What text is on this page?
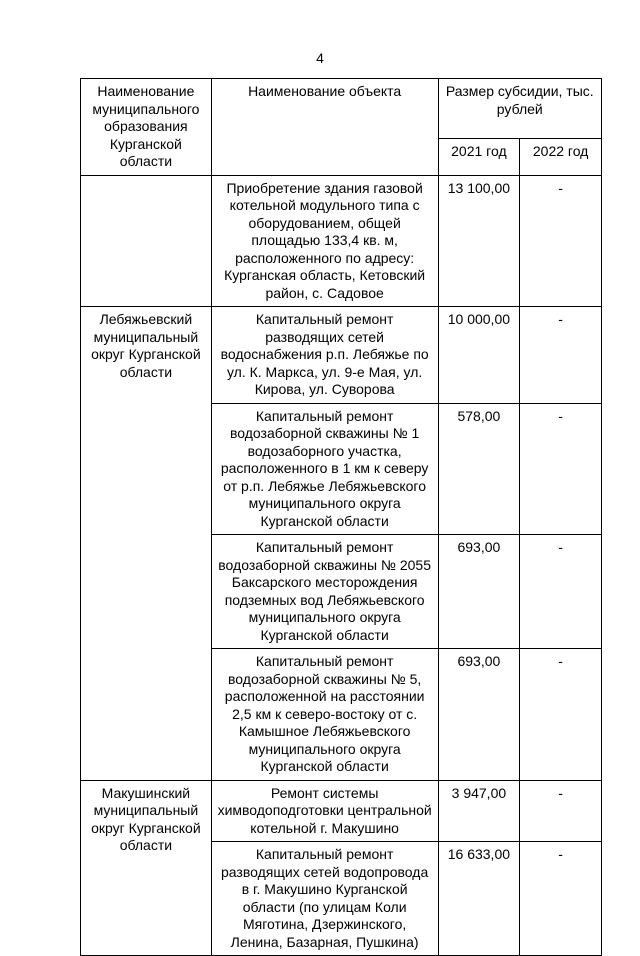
4
Наименование муниципального образования Курганской области	Наименование объекта	Размер субсидии, тыс. рублей	
		2021 год	2022 год
	Приобретение здания газовой котельной модульного типа с оборудованием, общей площадью 133,4 кв. м, расположенного по адресу: Курганская область, Кетовский район, с. Садовое	13 100,00	-
Лебяжьевский муниципальный округ Курганской области	Капитальный ремонт разводящих сетей водоснабжения р.п. Лебяжье по ул. К. Маркса, ул. 9-е Мая, ул. Кирова, ул. Суворова	10 000,00	-
	Капитальный ремонт водозаборной скважины № 1 водозаборного участка, расположенного в 1 км к северу от р.п. Лебяжье Лебяжьевского муниципального округа Курганской области	578,00	-
	Капитальный ремонт водозаборной скважины № 2055 Баксарского месторождения подземных вод Лебяжьевского муниципального округа Курганской области	693,00	-
	Капитальный ремонт водозаборной скважины № 5, расположенной на расстоянии 2,5 км к северо-востоку от с. Камышное Лебяжьевского муниципального округа Курганской области	693,00	-
Макушинский муниципальный округ Курганской области	Ремонт системы химводоподготовки центральной котельной г. Макушино	3 947,00	-
	Капитальный ремонт разводящих сетей водопровода в г. Макушино Курганской области (по улицам Коли Мяготина, Дзержинского, Ленина, Базарная, Пушкина)	16 633,00	-
